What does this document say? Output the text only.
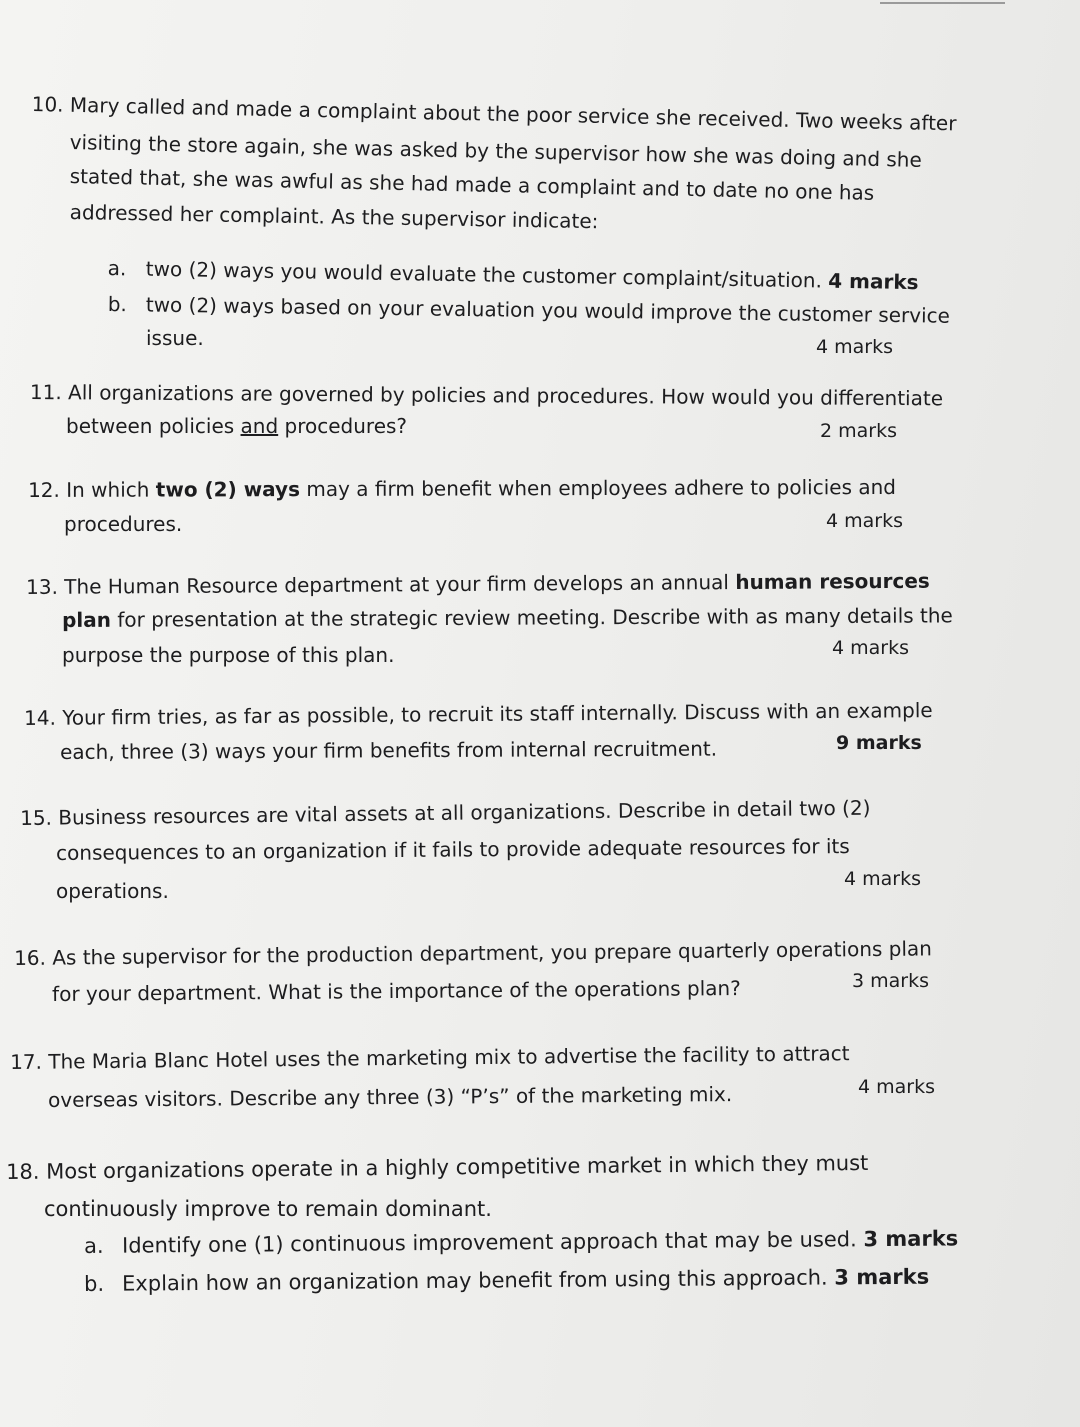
10. Mary called and made a complaint about the poor service she received. Two weeks after
visiting the store again, she was asked by the supervisor how she was doing and she
stated that, she was awful as she had made a complaint and to date no one has
addressed her complaint. As the supervisor indicate:
a. two (2) ways you would evaluate the customer complaint/situation. 4 marks
b. two (2) ways based on your evaluation you would improve the customer service
issue.	4 marks
11. All organizations are governed by policies and procedures. How would you differentiate
between policies and procedures?	2 marks
12. In which two (2) ways may a firm benefit when employees adhere to policies and
procedures.	4 marks
13. The Human Resource department at your firm develops an annual human resources
plan for presentation at the strategic review meeting. Describe with as many details the
purpose the purpose of this plan.	4 marks
14. Your firm tries, as far as possible, to recruit its staff internally. Discuss with an example
each, three (3) ways your firm benefits from internal recruitment.	9 marks
15. Business resources are vital assets at all organizations. Describe in detail two (2)
consequences to an organization if it fails to provide adequate resources for its
operations.	4 marks
16. As the supervisor for the production department, you prepare quarterly operations plan
for your department. What is the importance of the operations plan?	3 marks
17. The Maria Blanc Hotel uses the marketing mix to advertise the facility to attract
overseas visitors. Describe any three (3) “P’s” of the marketing mix.	4 marks
18. Most organizations operate in a highly competitive market in which they must
continuously improve to remain dominant.
a. Identify one (1) continuous improvement approach that may be used. 3 marks
b. Explain how an organization may benefit from using this approach. 3 marks
